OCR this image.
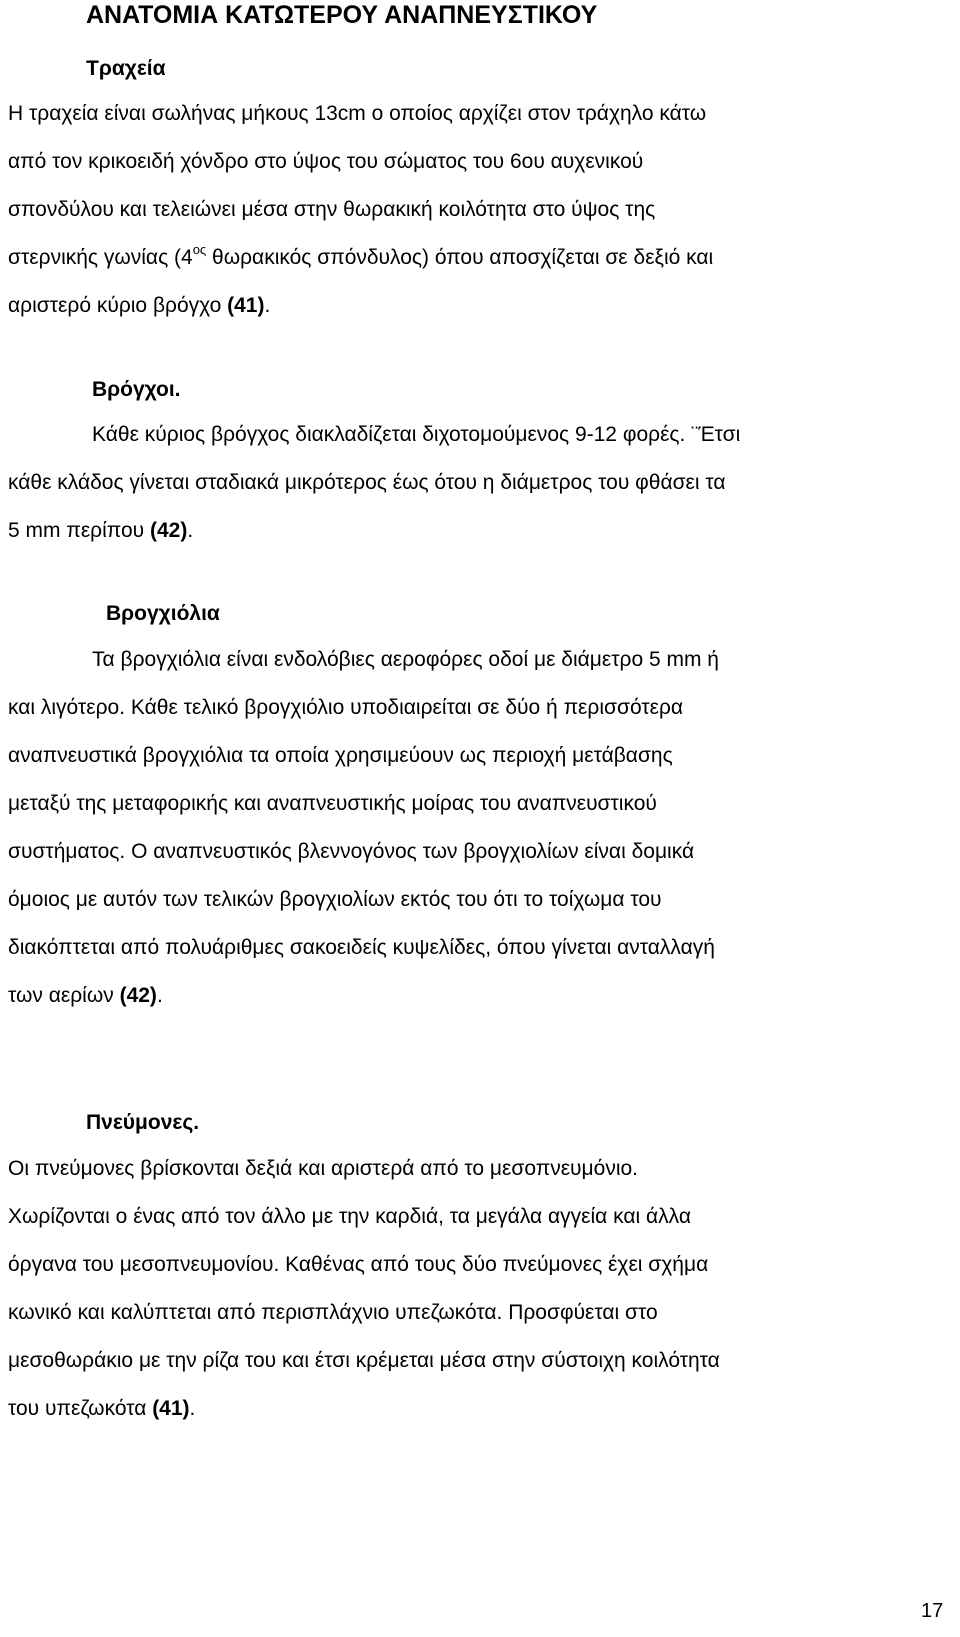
ΑΝΑΤΟΜΙΑ ΚΑΤΩΤΕΡΟΥ ΑΝΑΠΝΕΥΣΤΙΚΟΥ
Τραχεία
Η τραχεία είναι σωλήνας μήκους 13cm ο οποίος αρχίζει στον τράχηλο κάτω
από τον κρικοειδή χόνδρο στο ύψος του σώματος του 6ου αυχενικού
σπονδύλου και τελειώνει μέσα στην θωρακική κοιλότητα στο ύψος της
στερνικής γωνίας ($4^{o\varsigma}$ θωρακικός σπόνδυλος) όπου αποσχίζεται σε δεξιό και
αριστερό κύριο βρόγχο (41).
Βρόγχοι.
Κάθε κύριος βρόγχος διακλαδίζεται διχοτομούμενος 9-12 φορές. ¨Έτσι
κάθε κλάδος γίνεται σταδιακά μικρότερος έως ότου η διάμετρος του φθάσει τα
5 mm περίπου (42).
Βρογχιόλια
Τα βρογχιόλια είναι ενδολόβιες αεροφόρες οδοί με διάμετρο 5 mm ή
και λιγότερο. Κάθε τελικό βρογχιόλιο υποδιαιρείται σε δύο ή περισσότερα
αναπνευστικά βρογχιόλια τα οποία χρησιμεύουν ως περιοχή μετάβασης
μεταξύ της μεταφορικής και αναπνευστικής μοίρας του αναπνευστικού
συστήματος. Ο αναπνευστικός βλεννογόνος των βρογχιολίων είναι δομικά
όμοιος με αυτόν των τελικών βρογχιολίων εκτός του ότι το τοίχωμα του
διακόπτεται από πολυάριθμες σακοειδείς κυψελίδες, όπου γίνεται ανταλλαγή
των αερίων (42).
Πνεύμονες.
Οι πνεύμονες βρίσκονται δεξιά και αριστερά από το μεσοπνευμόνιο.
Χωρίζονται ο ένας από τον άλλο με την καρδιά, τα μεγάλα αγγεία και άλλα
όργανα του μεσοπνευμονίου. Καθένας από τους δύο πνεύμονες έχει σχήμα
κωνικό και καλύπτεται από περισπλάχνιο υπεζωκότα. Προσφύεται στο
μεσοθωράκιο με την ρίζα του και έτσι κρέμεται μέσα στην σύστοιχη κοιλότητα
του υπεζωκότα (41).
17
